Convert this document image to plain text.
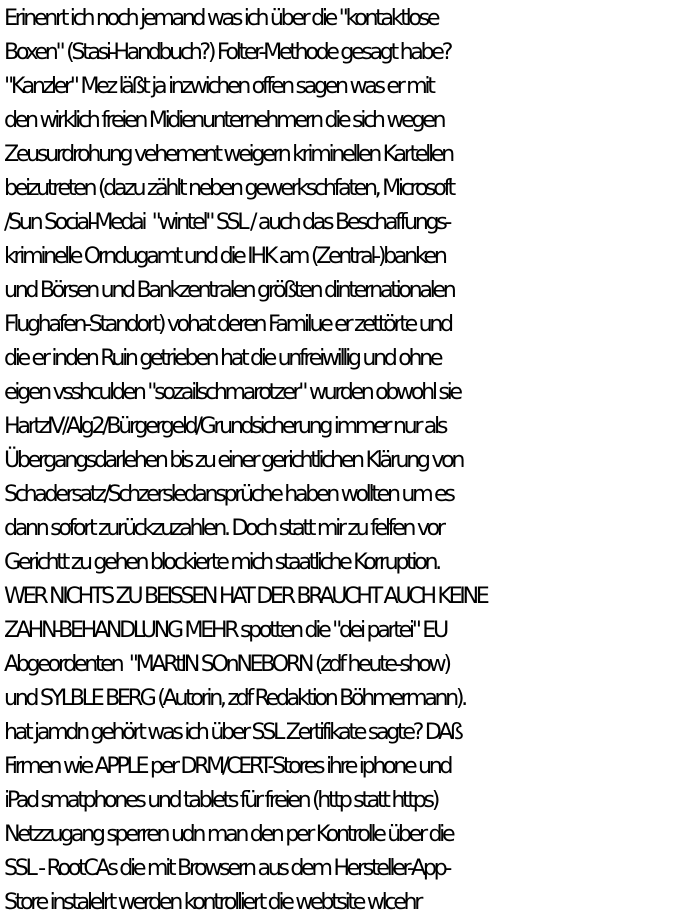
Erinenrt ich noch jemand was ich über die "kontaktlose
Boxen" (Stasi-Handbuch?) Folter-Methode gesagt habe?
"Kanzler" Mez läßt ja inzwichen offen sagen was er mit
den wirklich freien Midienunternehmern die sich wegen
Zeusurdrohung vehement weigern kriminellen Kartellen
beizutreten (dazu zählt neben gewerkschfaten, Microsoft
/Sun Social-Medai  "wintel" SSL / auch das Beschaffungs-
kriminelle Orndugamt und die IHK am (Zentral-)banken
und Börsen und Bankzentralen größten dinternationalen
Flughafen-Standort) vohat deren Familue er zettörte und
die er inden Ruin getrieben hat die unfreiwillig und ohne
eigen vsshculden "sozailschmarotzer" wurden obwohl sie
HartzIV/Alg2/Bürgergeld/Grundsicherung immer nur als
Übergangsdarlehen bis zu einer gerichtlichen Klärung von
Schadersatz/Schzersledansprüche haben wollten um es
dann sofort zurückzuzahlen. Doch statt mir zu felfen vor
Gerichtt zu gehen blockierte mich staatliche Korruption.
WER NICHTS ZU BEISSEN HAT DER BRAUCHT AUCH KEINE
ZAHN-BEHANDLUNG MEHR spotten die "dei partei" EU
Abgeordenten  "MARtIN SOnNEBORN (zdf heute-show)
und SYLBLE BERG (Autorin, zdf Redaktion Böhmermann).
hat jamdn gehört was ich über SSL Zertifikate sagte? DAß
Firmen wie APPLE per DRM/CERT-Stores ihre iphone und
iPad smatphones und tablets für freien (http statt https)
Netzzugang sperren udn man den per Kontrolle über die
SSL - RootCAs die mit Browsern aus dem Hersteller-App-
Store instalelrt werden kontrolliert die webtsite wlcehr
